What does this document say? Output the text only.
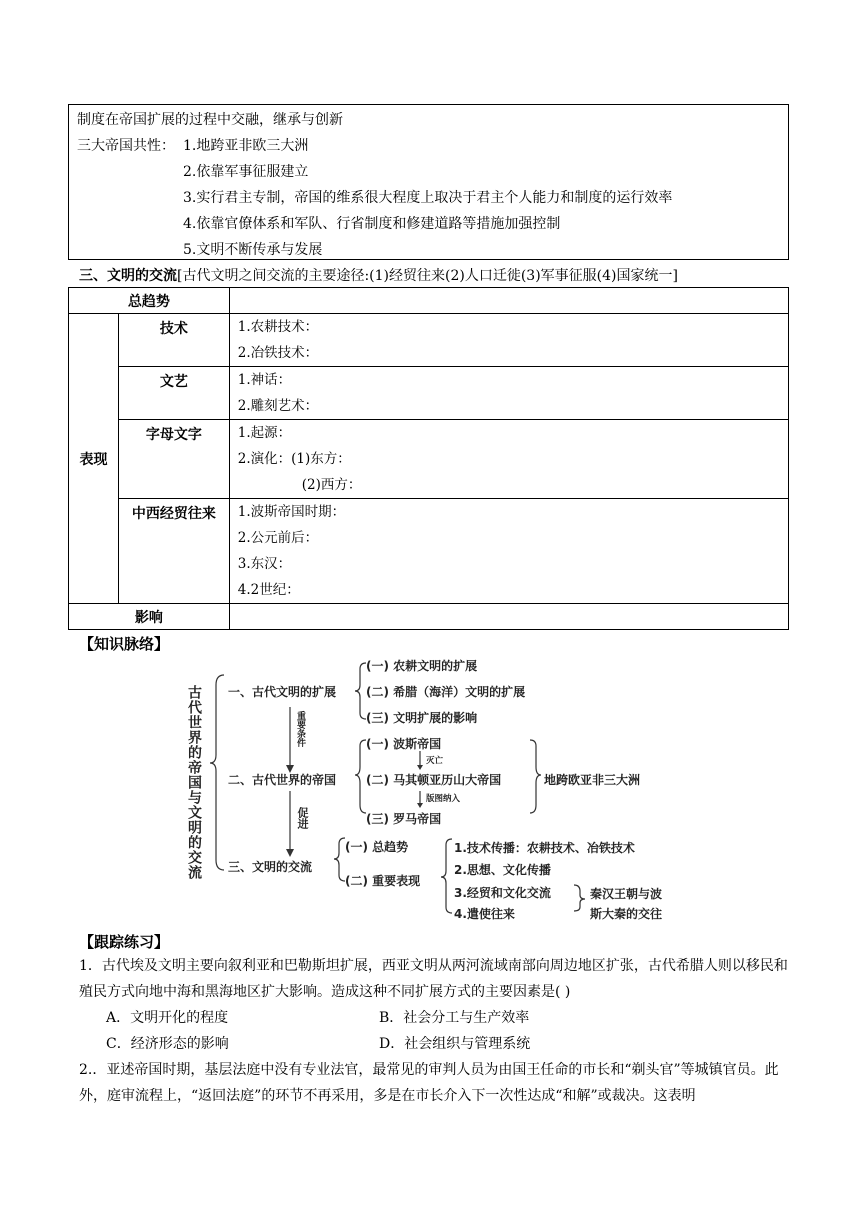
制度在帝国扩展的过程中交融，继承与创新
三大帝国共性： 1.地跨亚非欧三大洲
2.依靠军事征服建立
3.实行君主专制，帝国的维系很大程度上取决于君主个人能力和制度的运行效率
4.依靠官僚体系和军队、行省制度和修建道路等措施加强控制
5.文明不断传承与发展
三、文明的交流[古代文明之间交流的主要途径:(1)经贸往来(2)人口迁徙(3)军事征服(4)国家统一]
总趋势		
表现	技术	1.农耕技术：
2.冶铁技术：

	文艺	1.神话：
2.雕刻艺术：

	字母文字	1.起源：
2.演化：(1)东方：
(2)西方：

	中西经贸往来	1.波斯帝国时期：
2.公元前后：
3.东汉：
4.2世纪：

影响		
【知识脉络】
古代世界的帝国与文明的交流 一、古代文明的扩展
(一) 农耕文明的扩展
(二) 希腊（海洋）文明的扩展
(三) 文明扩展的影响
重要条件
二、古代世界的帝国
(一) 波斯帝国
灭亡
(二) 马其顿亚历山大帝国
版图纳入
(三) 罗马帝国
地跨欧亚非三大洲
促进
三、文明的交流
(一) 总趋势
(二) 重要表现
1.技术传播：农耕技术、冶铁技术
2.思想、文化传播
3.经贸和文化交流
4.遣使往来
秦汉王朝与波
斯大秦的交往
【跟踪练习】
1．古代埃及文明主要向叙利亚和巴勒斯坦扩展，西亚文明从两河流域南部向周边地区扩张，古代希腊人则以移民和殖民方式向地中海和黑海地区扩大影响。造成这种不同扩展方式的主要因素是( )
A．文明开化的程度	B．社会分工与生产效率
C．经济形态的影响	D．社会组织与管理系统
2.．亚述帝国时期，基层法庭中没有专业法官，最常见的审判人员为由国王任命的市长和“剃头官”等城镇官员。此外，庭审流程上，“返回法庭”的环节不再采用，多是在市长介入下一次性达成“和解”或裁决。这表明
